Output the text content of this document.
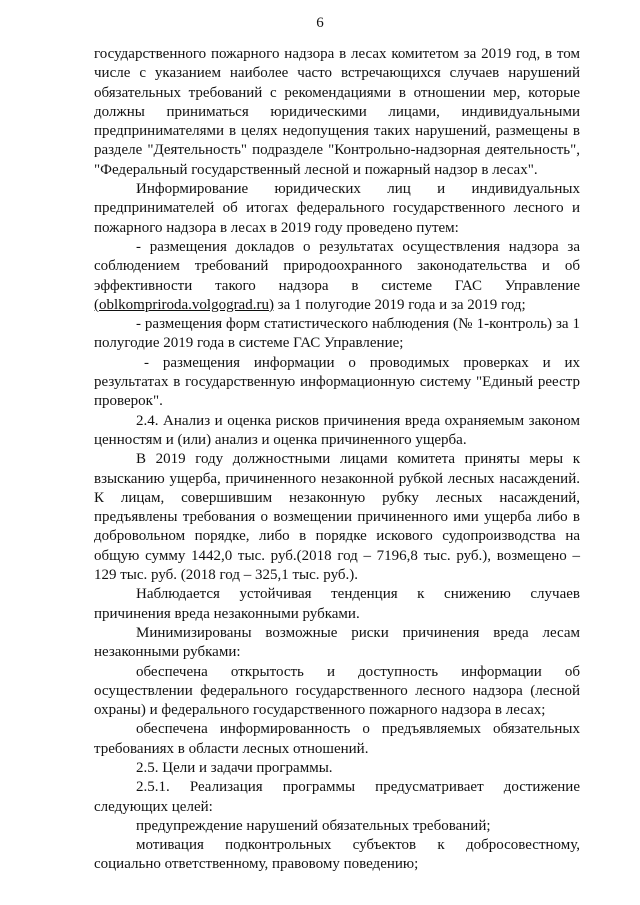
6

государственного пожарного надзора в лесах комитетом за 2019 год, в том числе с указанием наиболее часто встречающихся случаев нарушений обязательных требований с рекомендациями в отношении мер, которые должны приниматься юридическими лицами, индивидуальными предпринимателями в целях недопущения таких нарушений, размещены в разделе "Деятельность" подразделе "Контрольно-надзорная деятельность", "Федеральный государственный лесной и пожарный надзор в лесах".

Информирование юридических лиц и индивидуальных предпринимателей об итогах федерального государственного лесного и пожарного надзора в лесах в 2019 году проведено путем:

- размещения докладов о результатах осуществления надзора за соблюдением требований природоохранного законодательства и об эффективности такого надзора в системе ГАС Управление (oblkompriroda.volgograd.ru) за 1 полугодие 2019 года и за 2019 год;

- размещения форм статистического наблюдения (№ 1-контроль) за 1 полугодие 2019 года в системе ГАС Управление;

- размещения информации о проводимых проверках и их результатах в государственную информационную систему "Единый реестр проверок".

2.4. Анализ и оценка рисков причинения вреда охраняемым законом ценностям и (или) анализ и оценка причиненного ущерба.

В 2019 году должностными лицами комитета приняты меры к взысканию ущерба, причиненного незаконной рубкой лесных насаждений. К лицам, совершившим незаконную рубку лесных насаждений, предъявлены требования о возмещении причиненного ими ущерба либо в добровольном порядке, либо в порядке искового судопроизводства на общую сумму 1442,0 тыс. руб.(2018 год – 7196,8 тыс. руб.), возмещено – 129 тыс. руб. (2018 год – 325,1 тыс. руб.).

Наблюдается устойчивая тенденция к снижению случаев причинения вреда незаконными рубками.

Минимизированы возможные риски причинения вреда лесам незаконными рубками:

обеспечена открытость и доступность информации об осуществлении федерального государственного лесного надзора (лесной охраны) и федерального государственного пожарного надзора в лесах;

обеспечена информированность о предъявляемых обязательных требованиях в области лесных отношений.

2.5. Цели и задачи программы.

2.5.1. Реализация программы предусматривает достижение следующих целей:

предупреждение нарушений обязательных требований;

мотивация подконтрольных субъектов к добросовестному, социально ответственному, правовому поведению;
